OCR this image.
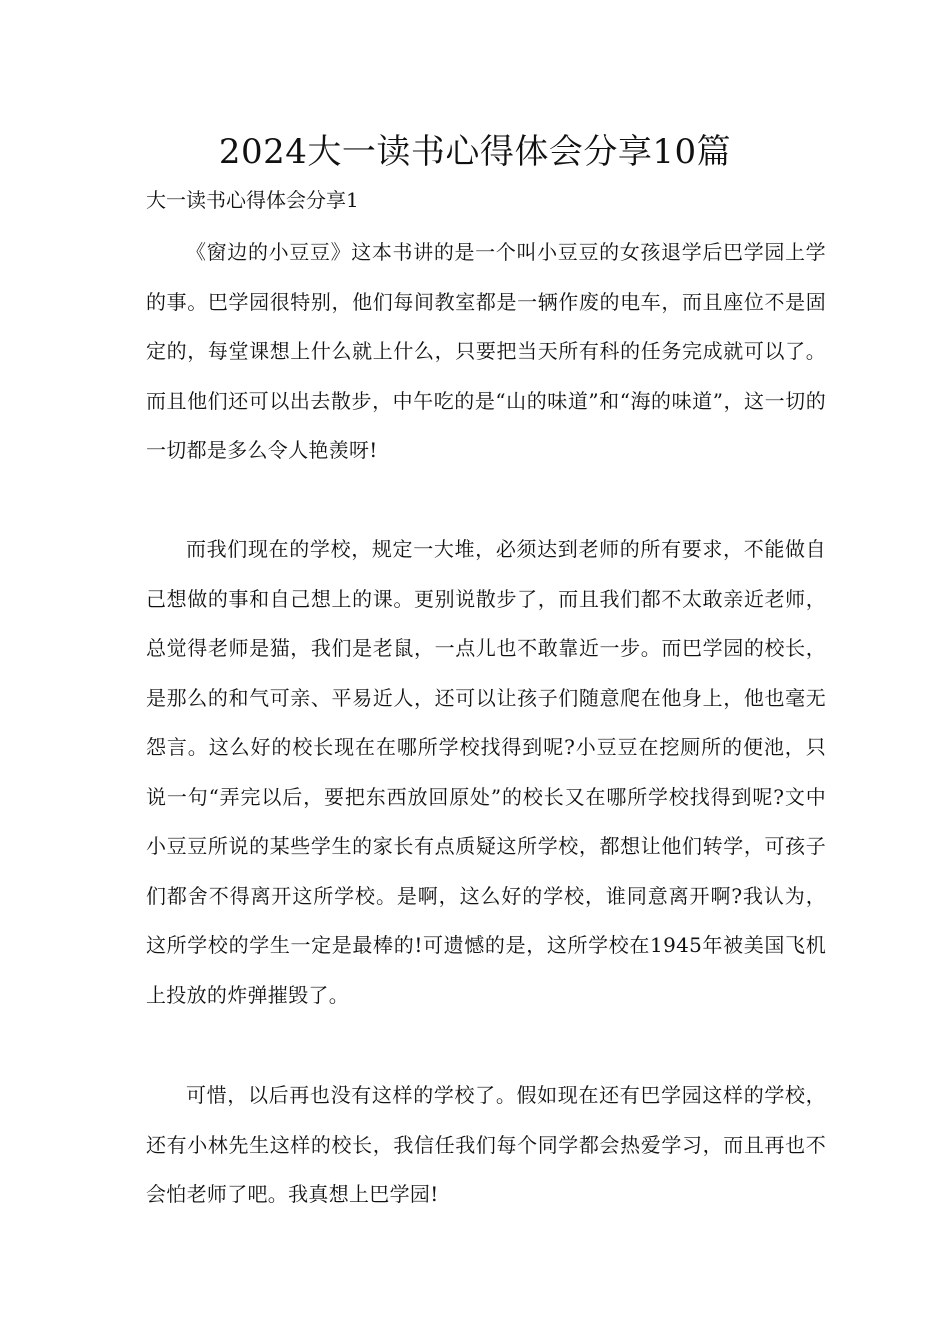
2024大一读书心得体会分享10篇
大一读书心得体会分享1

《窗边的小豆豆》这本书讲的是一个叫小豆豆的女孩退学后巴学园上学的事。巴学园很特别，他们每间教室都是一辆作废的电车，而且座位不是固定的，每堂课想上什么就上什么，只要把当天所有科的任务完成就可以了。而且他们还可以出去散步，中午吃的是“山的味道”和“海的味道”，这一切的一切都是多么令人艳羡呀!

而我们现在的学校，规定一大堆，必须达到老师的所有要求，不能做自己想做的事和自己想上的课。更别说散步了，而且我们都不太敢亲近老师，总觉得老师是猫，我们是老鼠，一点儿也不敢靠近一步。而巴学园的校长，是那么的和气可亲、平易近人，还可以让孩子们随意爬在他身上，他也毫无怨言。这么好的校长现在在哪所学校找得到呢?小豆豆在挖厕所的便池，只说一句“弄完以后，要把东西放回原处”的校长又在哪所学校找得到呢?文中小豆豆所说的某些学生的家长有点质疑这所学校，都想让他们转学，可孩子们都舍不得离开这所学校。是啊，这么好的学校，谁同意离开啊?我认为，这所学校的学生一定是最棒的!可遗憾的是，这所学校在1945年被美国飞机上投放的炸弹摧毁了。

可惜，以后再也没有这样的学校了。假如现在还有巴学园这样的学校，还有小林先生这样的校长，我信任我们每个同学都会热爱学习，而且再也不会怕老师了吧。我真想上巴学园!
